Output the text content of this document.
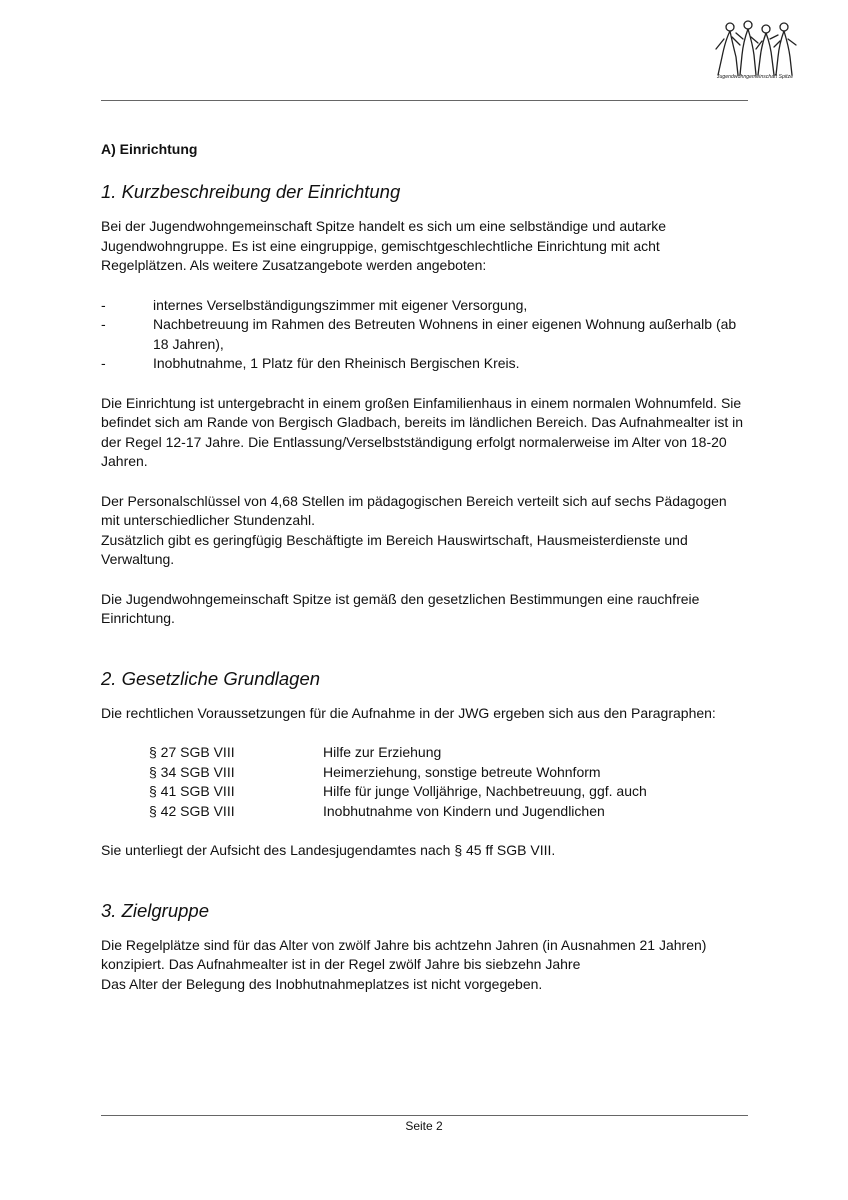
Jugendwohngemeinschaft Spitze
A) Einrichtung
1. Kurzbeschreibung der Einrichtung

Bei der Jugendwohngemeinschaft Spitze handelt es sich um eine selbständige und autarke

Jugendwohngruppe. Es ist eine eingruppige, gemischtgeschlechtliche Einrichtung mit acht

Regelplätzen. Als weitere Zusatzangebote werden angeboten:

-	internes Verselbständigungszimmer mit eigener Versorgung,
-	Nachbetreuung im Rahmen des Betreuten Wohnens in einer eigenen Wohnung außerhalb (ab 18 Jahren),
-	Inobhutnahme, 1 Platz für den Rheinisch Bergischen Kreis.

Die Einrichtung ist untergebracht in einem großen Einfamilienhaus in einem normalen Wohnumfeld. Sie

befindet sich am Rande von Bergisch Gladbach, bereits im ländlichen Bereich. Das Aufnahmealter ist in

der Regel 12-17 Jahre. Die Entlassung/Verselbstständigung erfolgt normalerweise im Alter von 18-20

Jahren.

Der Personalschlüssel von 4,68 Stellen im pädagogischen Bereich verteilt sich auf sechs Pädagogen

mit unterschiedlicher Stundenzahl.

Zusätzlich gibt es geringfügig Beschäftigte im Bereich Hauswirtschaft, Hausmeisterdienste und

Verwaltung.

Die Jugendwohngemeinschaft Spitze ist gemäß den gesetzlichen Bestimmungen eine rauchfreie

Einrichtung.

2. Gesetzliche Grundlagen

Die rechtlichen Voraussetzungen für die Aufnahme in der JWG ergeben sich aus den Paragraphen:

§ 27 SGB VIII	Hilfe zur Erziehung
§ 34 SGB VIII	Heimerziehung, sonstige betreute Wohnform
§ 41 SGB VIII	Hilfe für junge Volljährige, Nachbetreuung, ggf. auch
§ 42 SGB VIII	Inobhutnahme von Kindern und Jugendlichen

Sie unterliegt der Aufsicht des Landesjugendamtes nach § 45 ff SGB VIII.

3. Zielgruppe

Die Regelplätze sind für das Alter von zwölf Jahre bis achtzehn Jahren (in Ausnahmen 21 Jahren)

konzipiert. Das Aufnahmealter ist in der Regel zwölf Jahre bis siebzehn Jahre

Das Alter der Belegung des Inobhutnahmeplatzes ist nicht vorgegeben.

Seite 2
